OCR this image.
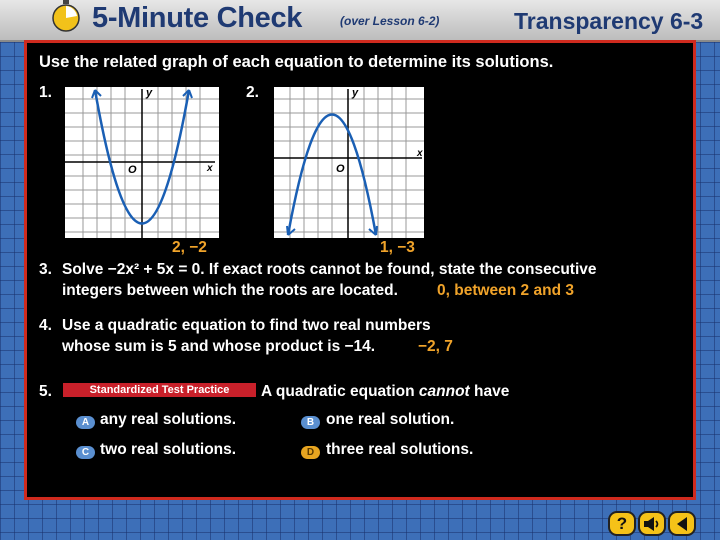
5-Minute Check	(over Lesson 6-2)	Transparency 6-3
Use the related graph of each equation to determine its solutions.
1.	y
x
O
2, −2
2.	y
x
O
1, −3
3. Solve −2x² + 5x = 0. If exact roots cannot be found, state the consecutive
integers between which the roots are located.	0, between 2 and 3
4. Use a quadratic equation to find two real numbers
whose sum is 5 and whose product is −14.	−2, 7
5.	Standardized Test Practice	A quadratic equation cannot have
A any real solutions.	B one real solution.
C two real solutions.	D three real solutions.
?
